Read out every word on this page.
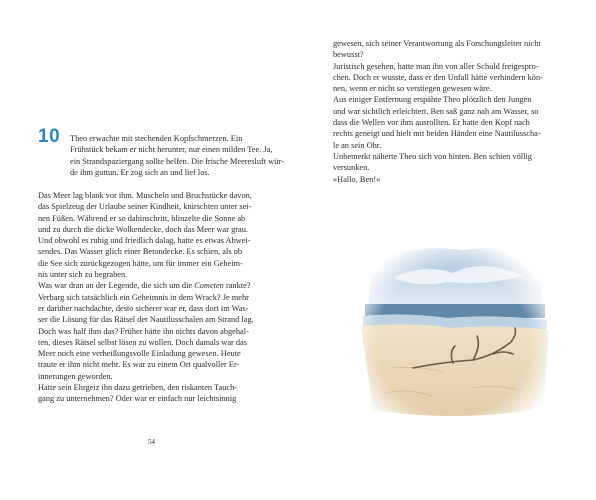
10 Theo erwachte mit stechenden Kopfschmerzen. Ein
Frühstück bekam er nicht herunter, nur einen milden Tee. Ja,
ein Strandspaziergang sollte helfen. Die frische Meeresluft wür-
de ihm guttun. Er zog sich an und lief los.
Das Meer lag blank vor ihm. Muscheln und Bruchstücke davon,
das Spielzeug der Urlaube seiner Kindheit, knirschten unter sei-
nen Füßen. Während er so dahinschritt, blinzelte die Sonne ab
und zu durch die dicke Wolkendecke, doch das Meer war grau.
Und obwohl es ruhig und friedlich dalag, hatte es etwas Abwei-
sendes. Das Wasser glich einer Betondecke. Es schien, als ob
die See sich zurückgezogen hätte, um für immer ein Geheim-
nis unter sich zu begraben.
Was war dran an der Legende, die sich um die Cometen rankte?
Verbarg sich tatsächlich ein Geheimnis in dem Wrack? Je mehr
er darüber nachdachte, desto sicherer war er, dass dort im Was-
ser die Lösung für das Rätsel der Nautilusschalen am Strand lag.
Doch was half ihm das? Früher hätte ihn nichts davon abgehal-
ten, dieses Rätsel selbst lösen zu wollen. Doch damals war das
Meer noch eine verheißungsvolle Einladung gewesen. Heute
traute er ihm nicht mehr. Es war zu einem Ort qualvoller Er-
innerungen geworden.
Hatte sein Ehrgeiz ihn dazu getrieben, den riskanten Tauch-
gang zu unternehmen? Oder war er einfach nur leichtsinnig
54
gewesen, sich seiner Verantwortung als Forschungsleiter nicht
bewusst?
Juristisch gesehen, hatte man ihn von aller Schuld freigespro-
chen. Doch er wusste, dass er den Unfall hätte verhindern kön-
nen, wenn er nicht so verstiegen gewesen wäre.
Aus einiger Entfernung erspähte Theo plötzlich den Jungen
und war sichtlich erleichtert. Ben saß ganz nah am Wasser, so
dass die Wellen vor ihm ausrollten. Er hatte den Kopf nach
rechts geneigt und hielt mit beiden Händen eine Nautilusscha-
le an sein Ohr.
Unbemerkt näherte Theo sich von hinten. Ben schien völlig
versunken.
»Hallo, Ben!«
